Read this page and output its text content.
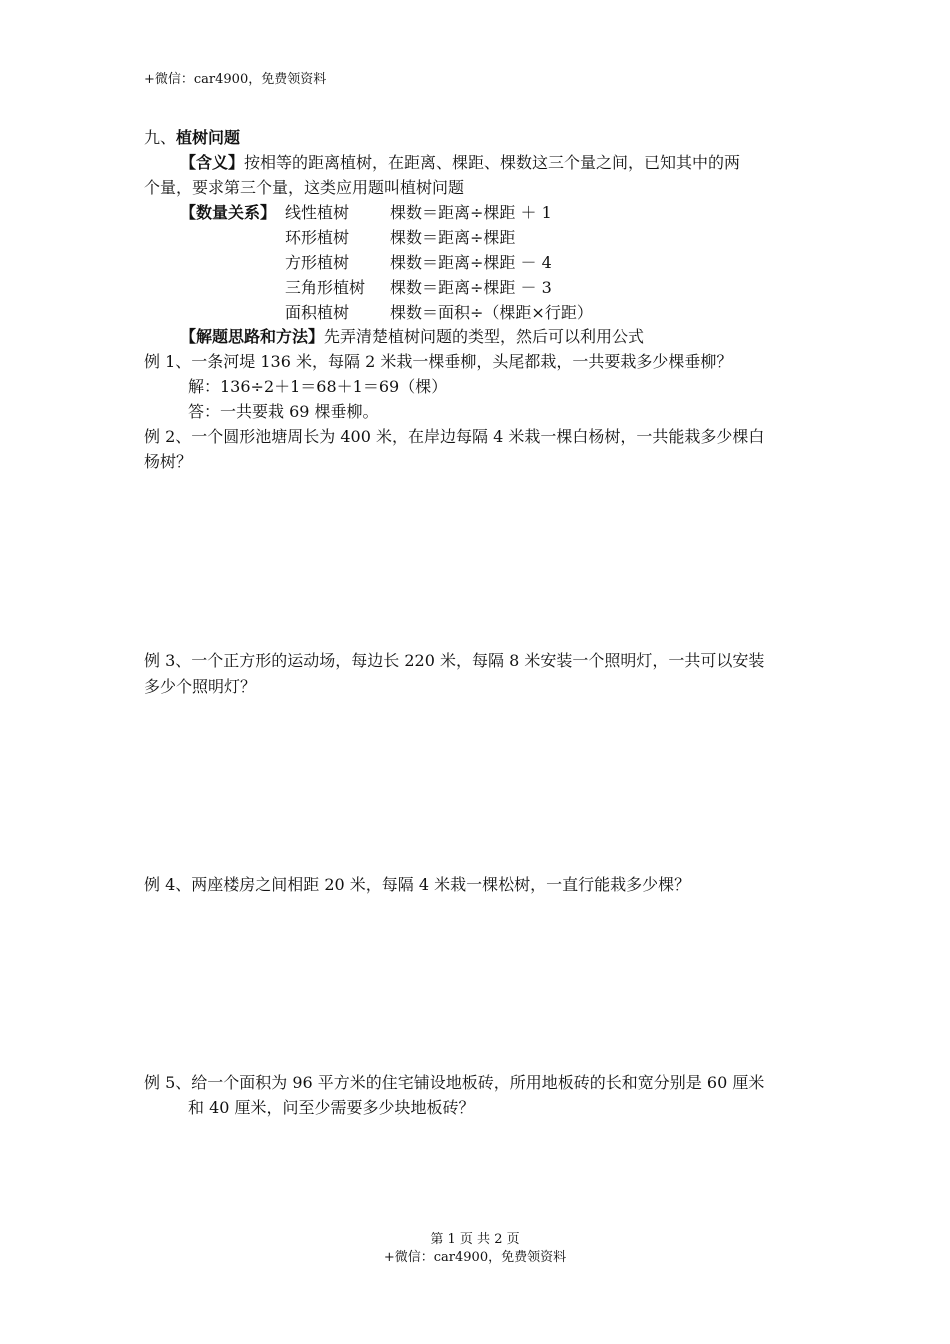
+微信：car4900，免费领资料
九、植树问题
【含义】按相等的距离植树，在距离、棵距、棵数这三个量之间，已知其中的两
个量，要求第三个量，这类应用题叫植树问题
【数量关系】 线性植树	棵数＝距离÷棵距 ＋ 1
环形植树	棵数＝距离÷棵距
方形植树	棵数＝距离÷棵距 － 4
三角形植树 棵数＝距离÷棵距 － 3
面积植树	棵数＝面积÷（棵距×行距）
【解题思路和方法】先弄清楚植树问题的类型，然后可以利用公式
例 1、一条河堤 136 米，每隔 2 米栽一棵垂柳，头尾都栽，一共要栽多少棵垂柳？
解：136÷2＋1＝68＋1＝69（棵）
答：一共要栽 69 棵垂柳。
例 2、一个圆形池塘周长为 400 米，在岸边每隔 4 米栽一棵白杨树，一共能栽多少棵白
杨树？
例 3、一个正方形的运动场，每边长 220 米，每隔 8 米安装一个照明灯，一共可以安装
多少个照明灯？
例 4、两座楼房之间相距 20 米，每隔 4 米栽一棵松树，一直行能栽多少棵？
例 5、给一个面积为 96 平方米的住宅铺设地板砖，所用地板砖的长和宽分别是 60 厘米
和 40 厘米，问至少需要多少块地板砖？
第 1 页 共 2 页
+微信：car4900，免费领资料
